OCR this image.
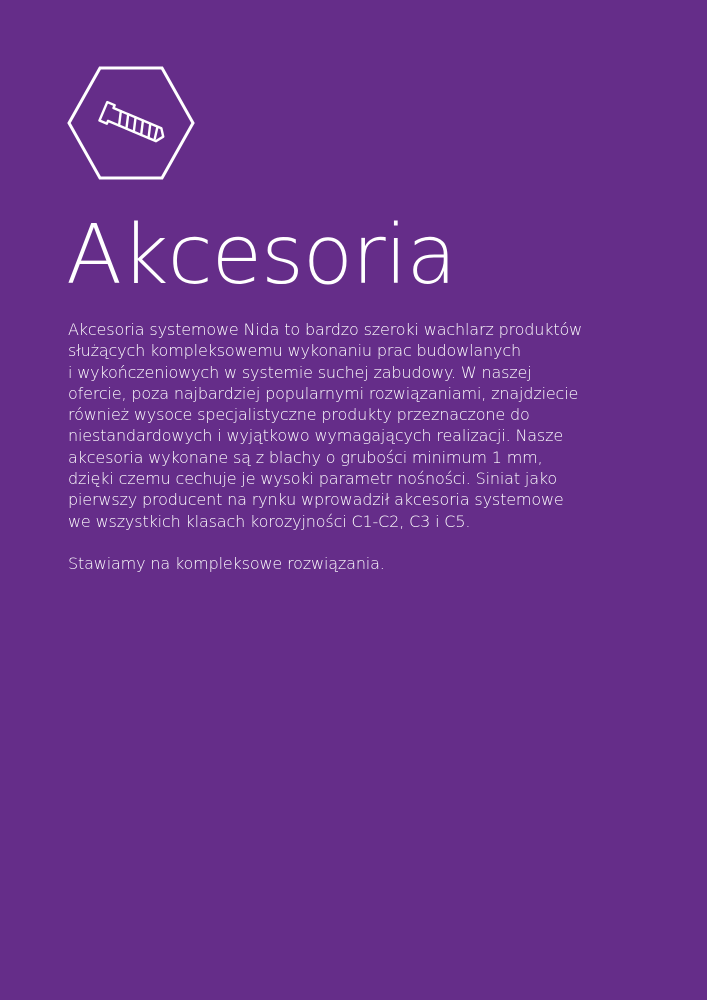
Akcesoria

Akcesoria systemowe Nida to bardzo szeroki wachlarz produktów
służących kompleksowemu wykonaniu prac budowlanych
i wykończeniowych w systemie suchej zabudowy. W naszej
ofercie, poza najbardziej popularnymi rozwiązaniami, znajdziecie
również wysoce specjalistyczne produkty przeznaczone do
niestandardowych i wyjątkowo wymagających realizacji. Nasze
akcesoria wykonane są z blachy o grubości minimum 1 mm,
dzięki czemu cechuje je wysoki parametr nośności. Siniat jako
pierwszy producent na rynku wprowadził akcesoria systemowe
we wszystkich klasach korozyjności C1-C2, C3 i C5.

Stawiamy na kompleksowe rozwiązania.
